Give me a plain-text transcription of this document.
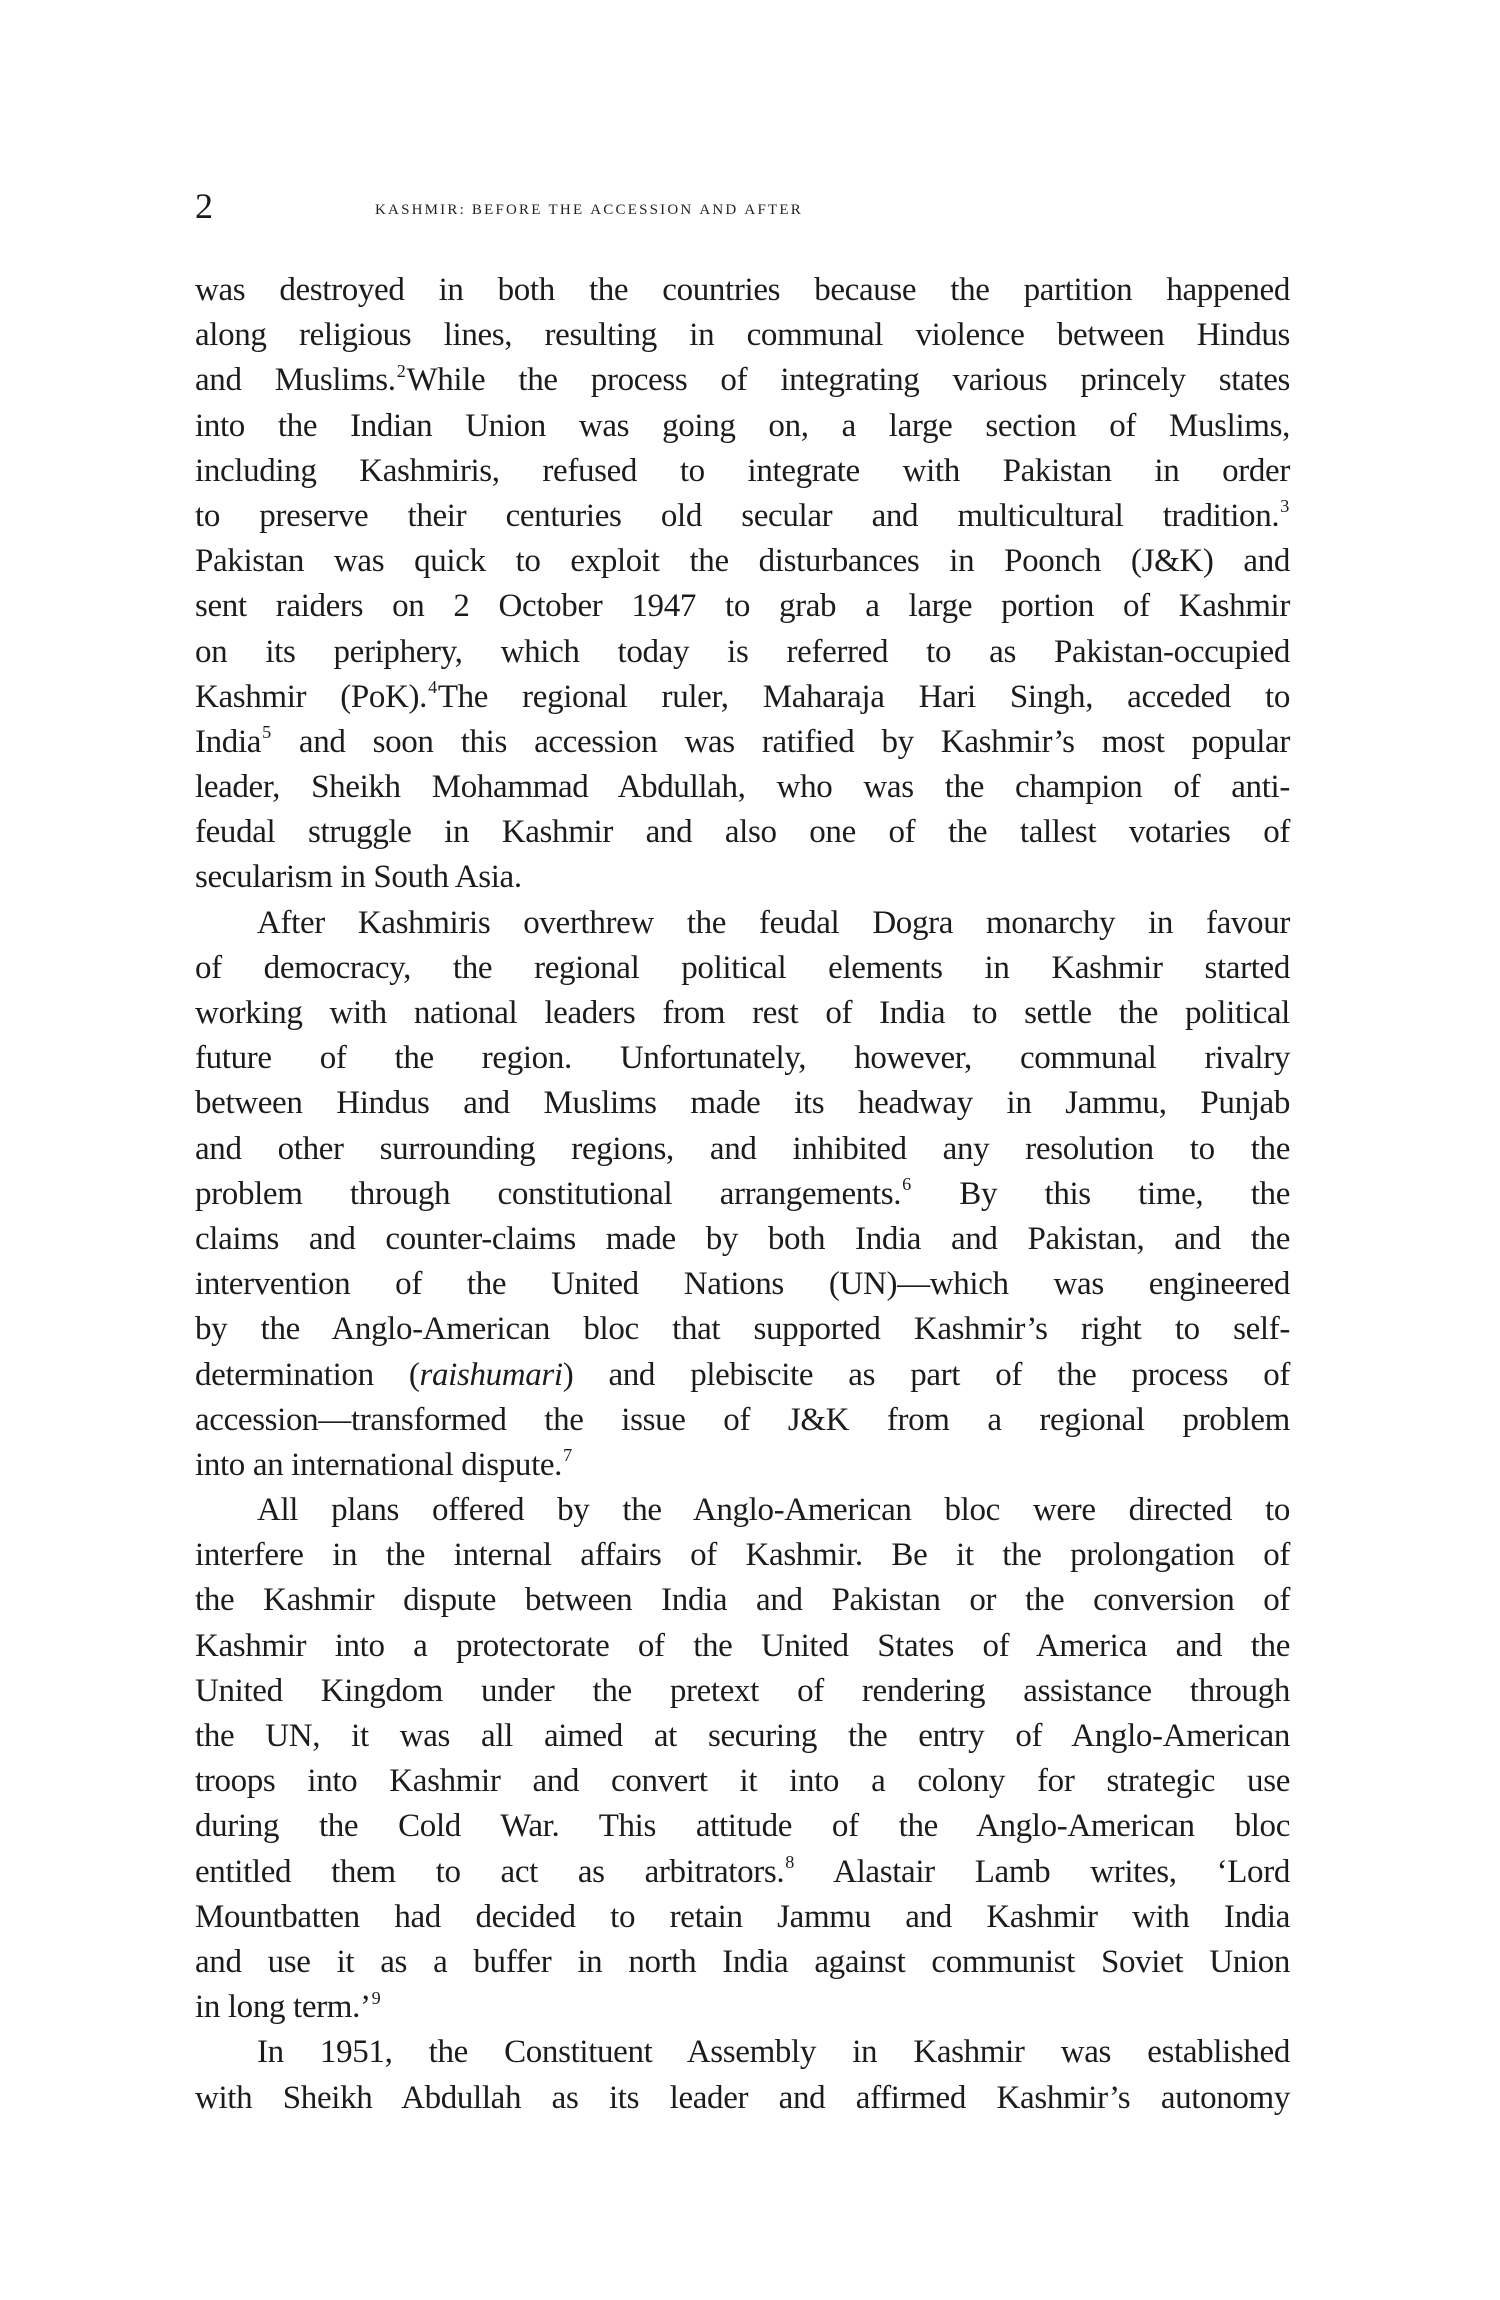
2	kashmir: before the accession and after
was destroyed in both the countries because the partition happened
along religious lines, resulting in communal violence between Hindus
and Muslims.$^2$While the process of integrating various princely states
into the Indian Union was going on, a large section of Muslims,
including Kashmiris, refused to integrate with Pakistan in order
to preserve their centuries old secular and multicultural tradition.$^3$
Pakistan was quick to exploit the disturbances in Poonch (J&K) and
sent raiders on 2 October 1947 to grab a large portion of Kashmir
on its periphery, which today is referred to as Pakistan-occupied
Kashmir (PoK).$^4$The regional ruler, Maharaja Hari Singh, acceded to
India$^5$ and soon this accession was ratified by Kashmir’s most popular
leader, Sheikh Mohammad Abdullah, who was the champion of anti-
feudal struggle in Kashmir and also one of the tallest votaries of
secularism in South Asia.
After Kashmiris overthrew the feudal Dogra monarchy in favour
of democracy, the regional political elements in Kashmir started
working with national leaders from rest of India to settle the political
future of the region. Unfortunately, however, communal rivalry
between Hindus and Muslims made its headway in Jammu, Punjab
and other surrounding regions, and inhibited any resolution to the
problem through constitutional arrangements.$^6$ By this time, the
claims and counter-claims made by both India and Pakistan, and the
intervention of the United Nations (UN)—which was engineered
by the Anglo-American bloc that supported Kashmir’s right to self-
determination (raishumari) and plebiscite as part of the process of
accession—transformed the issue of J&K from a regional problem
into an international dispute.$^7$
All plans offered by the Anglo-American bloc were directed to
interfere in the internal affairs of Kashmir. Be it the prolongation of
the Kashmir dispute between India and Pakistan or the conversion of
Kashmir into a protectorate of the United States of America and the
United Kingdom under the pretext of rendering assistance through
the UN, it was all aimed at securing the entry of Anglo-American
troops into Kashmir and convert it into a colony for strategic use
during the Cold War. This attitude of the Anglo-American bloc
entitled them to act as arbitrators.$^8$ Alastair Lamb writes, ‘Lord
Mountbatten had decided to retain Jammu and Kashmir with India
and use it as a buffer in north India against communist Soviet Union
in long term.’$^9$
In 1951, the Constituent Assembly in Kashmir was established
with Sheikh Abdullah as its leader and affirmed Kashmir’s autonomy
